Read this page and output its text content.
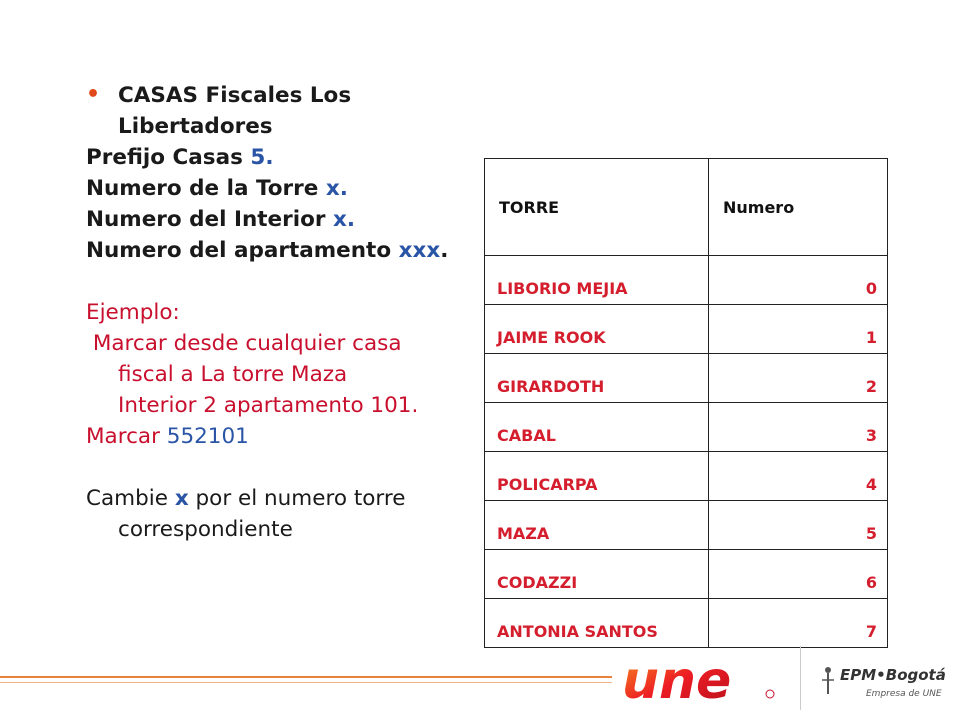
• CASAS Fiscales Los
Libertadores
Prefijo Casas 5.
Numero de la Torre x.
Numero del Interior x.
Numero del apartamento xxx.
Ejemplo:
Marcar desde cualquier casa
fiscal a La torre Maza
Interior 2 apartamento 101.
Marcar 552101
Cambie x por el numero torre
correspondiente
TORRE	Numero
LIBORIO MEJIA	0
JAIME ROOK	1
GIRARDOTH	2
CABAL	3
POLICARPA	4
MAZA	5
CODAZZI	6
ANTONIA SANTOS	7
une	EPM•Bogotá
Empresa de UNE
